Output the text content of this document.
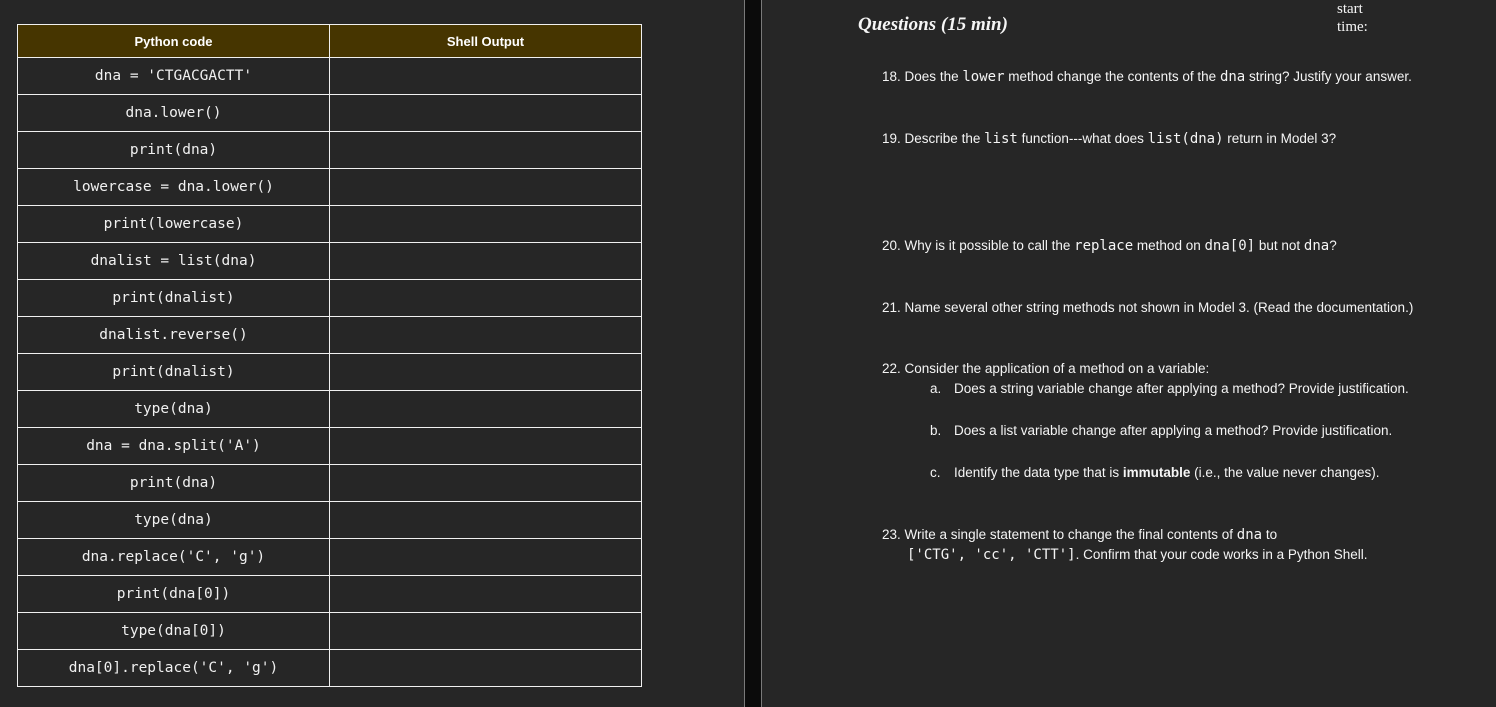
Python code	Shell Output
dna = 'CTGACGACTT'	
dna.lower()	
print(dna)	
lowercase = dna.lower()	
print(lowercase)	
dnalist = list(dna)	
print(dnalist)	
dnalist.reverse()	
print(dnalist)	
type(dna)	
dna = dna.split('A')	
print(dna)	
type(dna)	
dna.replace('C', 'g')	
print(dna[0])	
type(dna[0])	
dna[0].replace('C', 'g')	
Questions (15 min)
start
time:
18. Does the lower method change the contents of the dna string? Justify your answer.
19. Describe the list function---what does list(dna) return in Model 3?
20. Why is it possible to call the replace method on dna[0] but not dna?
21. Name several other string methods not shown in Model 3. (Read the documentation.)
22. Consider the application of a method on a variable:
a. Does a string variable change after applying a method? Provide justification.
b. Does a list variable change after applying a method? Provide justification.
c. Identify the data type that is immutable (i.e., the value never changes).
23. Write a single statement to change the final contents of dna to
['CTG', 'cc', 'CTT']. Confirm that your code works in a Python Shell.
